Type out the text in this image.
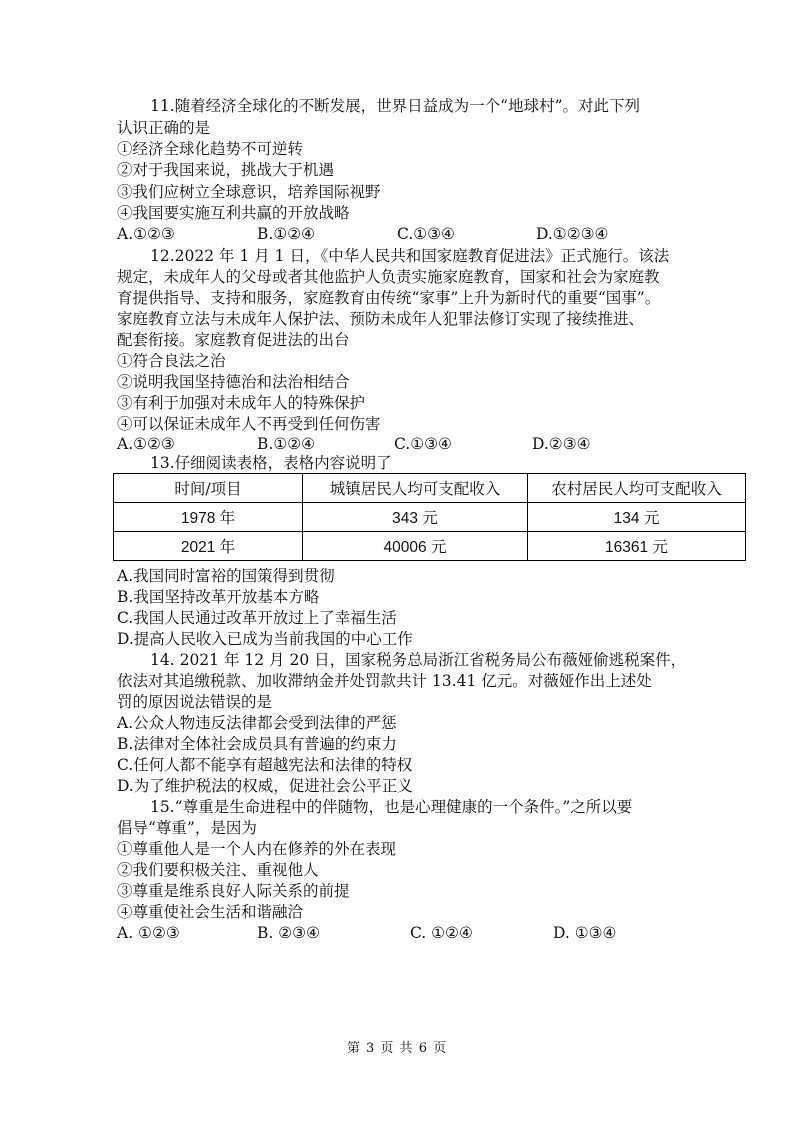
11.随着经济全球化的不断发展，世界日益成为一个“地球村”。对此下列
认识正确的是
①经济全球化趋势不可逆转
②对于我国来说，挑战大于机遇
③我们应树立全球意识，培养国际视野
④我国要实施互利共赢的开放战略
A.①②③	B.①②④	C.①③④	D.①②③④
12.2022 年 1 月 1 日，《中华人民共和国家庭教育促进法》正式施行。该法
规定，未成年人的父母或者其他监护人负责实施家庭教育，国家和社会为家庭教
育提供指导、支持和服务，家庭教育由传统“家事”上升为新时代的重要“国事”。
家庭教育立法与未成年人保护法、预防未成年人犯罪法修订实现了接续推进、
配套衔接。家庭教育促进法的出台
①符合良法之治
②说明我国坚持德治和法治相结合
③有利于加强对未成年人的特殊保护
④可以保证未成年人不再受到任何伤害
A.①②③	B.①②④	C.①③④	D.②③④
13.仔细阅读表格，表格内容说明了
时间/项目	城镇居民人均可支配收入	农村居民人均可支配收入
1978 年	343 元	134 元
2021 年	40006 元	16361 元
A.我国同时富裕的国策得到贯彻
B.我国坚持改革开放基本方略
C.我国人民通过改革开放过上了幸福生活
D.提高人民收入已成为当前我国的中心工作
14. 2021 年 12 月 20 日，国家税务总局浙江省税务局公布薇娅偷逃税案件，
依法对其追缴税款、加收滞纳金并处罚款共计 13.41 亿元。对薇娅作出上述处
罚的原因说法错误的是
A.公众人物违反法律都会受到法律的严惩
B.法律对全体社会成员具有普遍的约束力
C.任何人都不能享有超越宪法和法律的特权
D.为了维护税法的权威，促进社会公平正义
15.“尊重是生命进程中的伴随物，也是心理健康的一个条件。”之所以要
倡导“尊重”，是因为
①尊重他人是一个人内在修养的外在表现
②我们要积极关注、重视他人
③尊重是维系良好人际关系的前提
④尊重使社会生活和谐融洽
A. ①②③	B. ②③④	C. ①②④	D. ①③④
第 3 页 共 6 页
